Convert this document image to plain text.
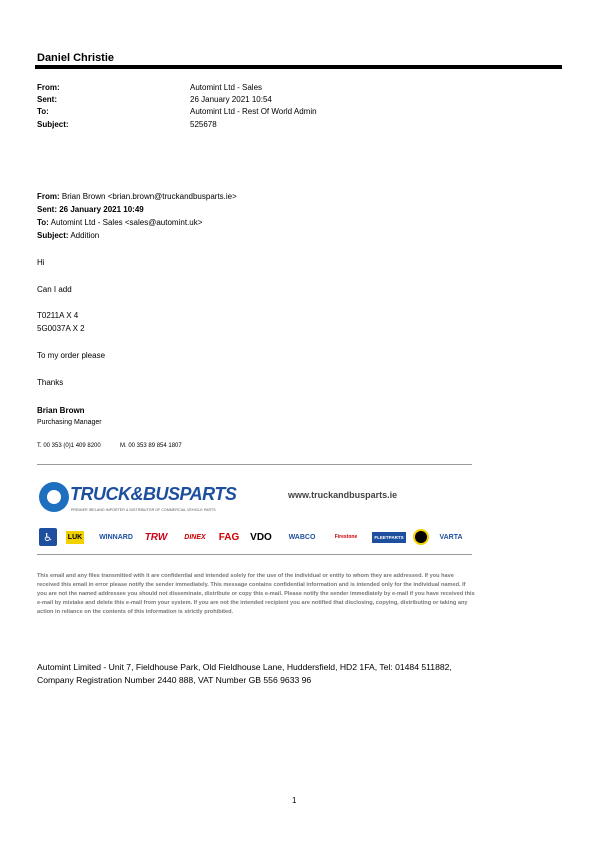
Daniel Christie
From:	Automint Ltd - Sales
Sent:	26 January 2021 10:54
To:	Automint Ltd - Rest Of World Admin
Subject:	525678
From: Brian Brown <brian.brown@truckandbusparts.ie>
Sent: 26 January 2021 10:49
To: Automint Ltd - Sales <sales@automint.uk>
Subject: Addition
Hi
Can I add
T0211A X 4
5G0037A X 2
To my order please
Thanks
Brian Brown
Purchasing Manager
T. 00 353 (0)1 409 8200	M. 00 353 89 854 1807
TRUCK&BUSPARTS
PREMIER IRELAND IMPORTER & DISTRIBUTOR OF COMMERCIAL VEHICLE PARTS
www.truckandbusparts.ie
♿	LUK	WINNARD	TRW	DINEX	FAG	VDO	WABCO	Firestone	FLEETPARTS	VARTA
This email and any files transmitted with it are confidential and intended solely for the use of the individual or entity to whom they are addressed. If you have received this email in error please notify the sender immediately. This message contains confidential information and is intended only for the individual named. If you are not the named addressee you should not disseminate, distribute or copy this e-mail. Please notify the sender immediately by e-mail if you have received this e-mail by mistake and delete this e-mail from your system. If you are not the intended recipient you are notified that disclosing, copying, distributing or taking any action in reliance on the contents of this information is strictly prohibited.
Automint Limited - Unit 7, Fieldhouse Park, Old Fieldhouse Lane, Huddersfield, HD2 1FA, Tel: 01484 511882,
Company Registration Number 2440 888, VAT Number GB 556 9633 96
1
